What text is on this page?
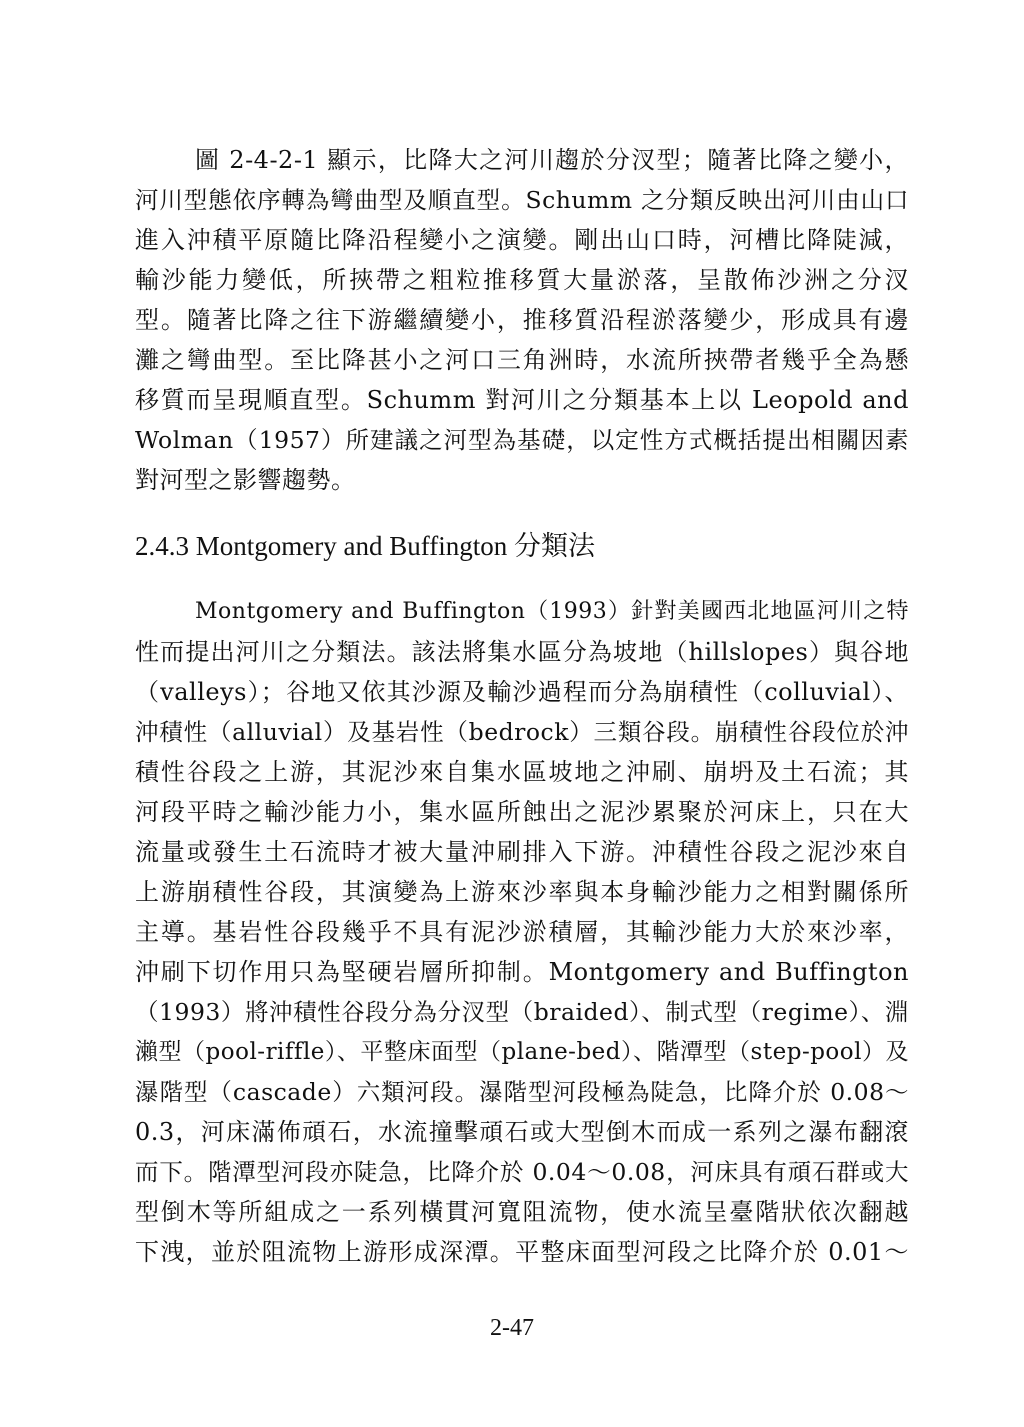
圖 2-4-2-1 顯示，比降大之河川趨於分汊型；隨著比降之變小，
河川型態依序轉為彎曲型及順直型。Schumm 之分類反映出河川由山口
進入沖積平原隨比降沿程變小之演變。剛出山口時，河槽比降陡減，
輸沙能力變低，所挾帶之粗粒推移質大量淤落，呈散佈沙洲之分汊
型。隨著比降之往下游繼續變小，推移質沿程淤落變少，形成具有邊
灘之彎曲型。至比降甚小之河口三角洲時，水流所挾帶者幾乎全為懸
移質而呈現順直型。Schumm 對河川之分類基本上以 Leopold and
Wolman（1957）所建議之河型為基礎，以定性方式概括提出相關因素
對河型之影響趨勢。
2.4.3 Montgomery and Buffington 分類法
Montgomery and Buffington（1993）針對美國西北地區河川之特
性而提出河川之分類法。該法將集水區分為坡地（hillslopes）與谷地
（valleys）；谷地又依其沙源及輸沙過程而分為崩積性（colluvial）、
沖積性（alluvial）及基岩性（bedrock）三類谷段。崩積性谷段位於沖
積性谷段之上游，其泥沙來自集水區坡地之沖刷、崩坍及土石流；其
河段平時之輸沙能力小，集水區所蝕出之泥沙累聚於河床上，只在大
流量或發生土石流時才被大量沖刷排入下游。沖積性谷段之泥沙來自
上游崩積性谷段，其演變為上游來沙率與本身輸沙能力之相對關係所
主導。基岩性谷段幾乎不具有泥沙淤積層，其輸沙能力大於來沙率，
沖刷下切作用只為堅硬岩層所抑制。Montgomery and Buffington
（1993）將沖積性谷段分為分汊型（braided）、制式型（regime）、淵
瀨型（pool-riffle）、平整床面型（plane-bed）、階潭型（step-pool）及
瀑階型（cascade）六類河段。瀑階型河段極為陡急，比降介於 0.08～
0.3，河床滿佈頑石，水流撞擊頑石或大型倒木而成一系列之瀑布翻滾
而下。階潭型河段亦陡急，比降介於 0.04～0.08，河床具有頑石群或大
型倒木等所組成之一系列橫貫河寬阻流物，使水流呈臺階狀依次翻越
下洩，並於阻流物上游形成深潭。平整床面型河段之比降介於 0.01～
2-47
